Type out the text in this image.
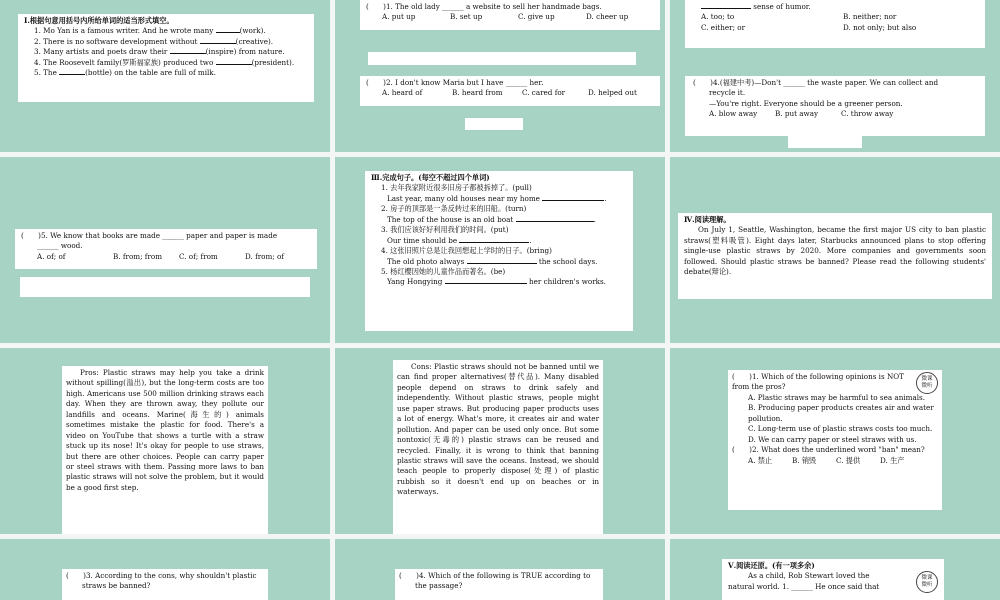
Ⅰ.根据句意用括号内所给单词的适当形式填空。

1. Mo Yan is a famous writer. And he wrote many	(work).

2. There is no software development without	(creative).

3. Many artists and poets draw their	(inspire) from nature.

4. The Roosevelt family(罗斯福家族) produced two	(president).

5. The	(bottle) on the table are full of milk.

(　　)1. The old lady ______ a website to sell her handmade bags.

A. put up	B. set up	C. give up	D. cheer up

(　　)2. I don't know Maria but I have ______ her.

A. heard of	B. heard from	C. cared for	D. helped out

sense of humor.

A. too; to	B. neither; nor
C. either; or	D. not only; but also

(　　)4.(福建中考)—Don't ______ the waste paper. We can collect and

recycle it.

—You're right. Everyone should be a greener person.

A. blow away	B. put away	C. throw away

(　　)5. We know that books are made ______ paper and paper is made

______ wood.

A. of; of	B. from; from	C. of; from	D. from; of

Ⅲ.完成句子。(每空不超过四个单词)

1. 去年我家附近很多旧房子都被拆掉了。(pull)

Last year, many old houses near my home	.

2. 房子的顶部是一条反转过来的旧船。(turn)

The top of the house is an old boat	.

3. 我们应该好好利用我们的时间。(put)

Our time should be	.

4. 这张旧照片总是让我回想起上学时的日子。(bring)

The old photo always	the school days.

5. 杨红樱因她的儿童作品而著名。(be)

Yang Hongying	her children's works.

Ⅳ.阅读理解。

On July 1, Seattle, Washington, became the first major US city to ban plastic straws(塑料吸管). Eight days later, Starbucks announced plans to stop offering single-use plastic straws by 2020. More companies and governments soon followed. Should plastic straws be banned? Please read the following students' debate(辩论).

Pros: Plastic straws may help you take a drink without spilling(溢出), but the long-term costs are too high. Americans use 500 million drinking straws each day. When they are thrown away, they pollute our landfills and oceans. Marine(海生的) animals sometimes mistake the plastic for food. There's a video on YouTube that shows a turtle with a straw stuck up its nose! It's okay for people to use straws, but there are other choices. People can carry paper or steel straws with them. Passing more laws to ban plastic straws will not solve the problem, but it would be a good first step.

Cons: Plastic straws should not be banned until we can find proper alternatives(替代品). Many disabled people depend on straws to drink safely and independently. Without plastic straws, people might use paper straws. But producing paper products uses a lot of energy. What's more, it creates air and water pollution. And paper can be used only once. But some nontoxic(无毒的) plastic straws can be reused and recycled. Finally, it is wrong to think that banning plastic straws will save the oceans. Instead, we should teach people to properly dispose(处理) of plastic rubbish so it doesn't end up on beaches or in waterways.

微课
微听

(　　)1. Which of the following opinions is NOT from the pros?

A. Plastic straws may be harmful to sea animals.

B. Producing paper products creates air and water pollution.

C. Long-term use of plastic straws costs too much.

D. We can carry paper or steel straws with us.

(　　)2. What does the underlined word "ban" mean?

A. 禁止	B. 销毁	C. 提供	D. 生产

(　　)3. According to the cons, why shouldn't plastic

straws be banned?

(　　)4. Which of the following is TRUE according to

the passage?

微课
微听

Ⅴ.阅读还原。(有一项多余)

As a child, Rob Stewart loved the

natural world. 1. ______ He once said that
